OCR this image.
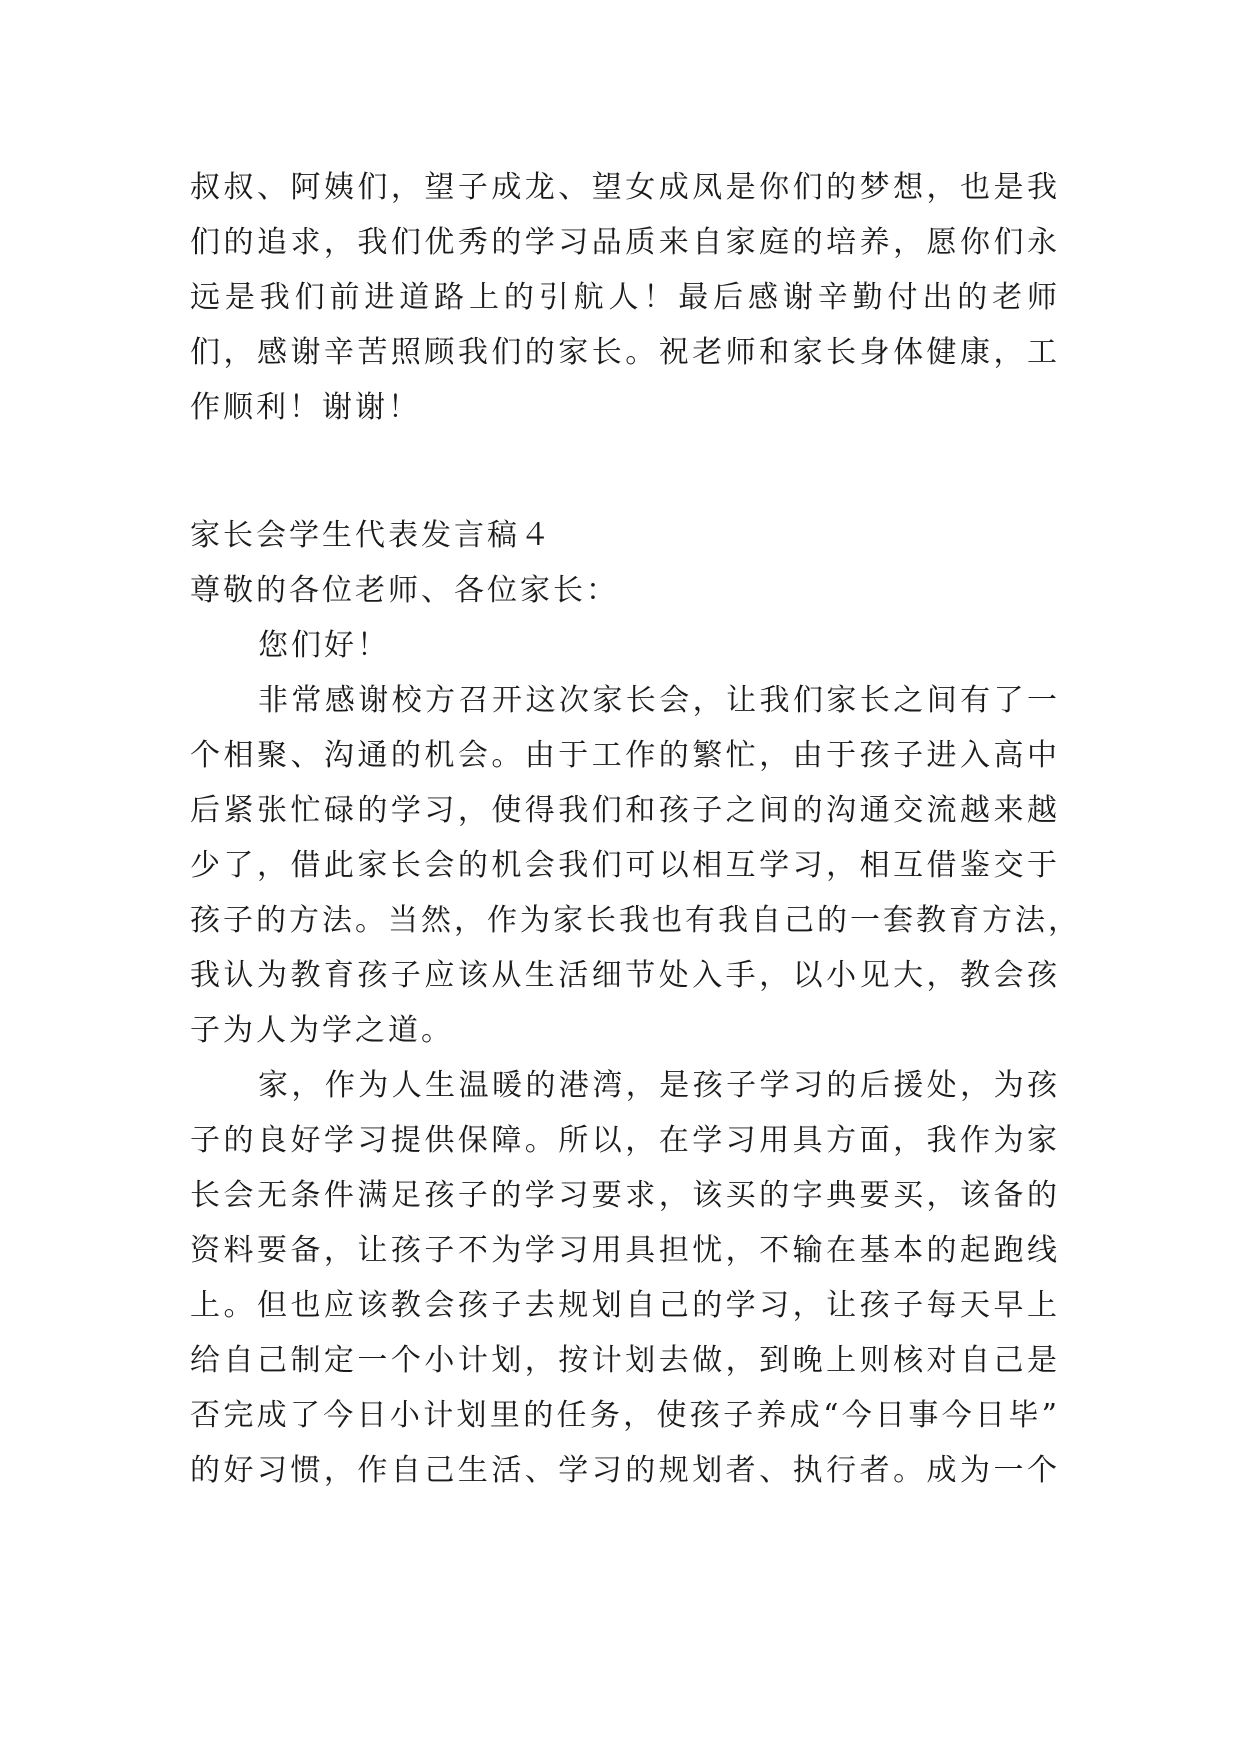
叔叔、阿姨们，望子成龙、望女成凤是你们的梦想，也是我
们的追求，我们优秀的学习品质来自家庭的培养，愿你们永
远是我们前进道路上的引航人！最后感谢辛勤付出的老师
们，感谢辛苦照顾我们的家长。祝老师和家长身体健康，工
作顺利！谢谢！
家长会学生代表发言稿４
尊敬的各位老师、各位家长：
您们好！
非常感谢校方召开这次家长会，让我们家长之间有了一
个相聚、沟通的机会。由于工作的繁忙，由于孩子进入高中
后紧张忙碌的学习，使得我们和孩子之间的沟通交流越来越
少了，借此家长会的机会我们可以相互学习，相互借鉴交于
孩子的方法。当然，作为家长我也有我自己的一套教育方法，
我认为教育孩子应该从生活细节处入手，以小见大，教会孩
子为人为学之道。
家，作为人生温暖的港湾，是孩子学习的后援处，为孩
子的良好学习提供保障。所以，在学习用具方面，我作为家
长会无条件满足孩子的学习要求，该买的字典要买，该备的
资料要备，让孩子不为学习用具担忧，不输在基本的起跑线
上。但也应该教会孩子去规划自己的学习，让孩子每天早上
给自己制定一个小计划，按计划去做，到晚上则核对自己是
否完成了今日小计划里的任务，使孩子养成“今日事今日毕”
的好习惯，作自己生活、学习的规划者、执行者。成为一个
